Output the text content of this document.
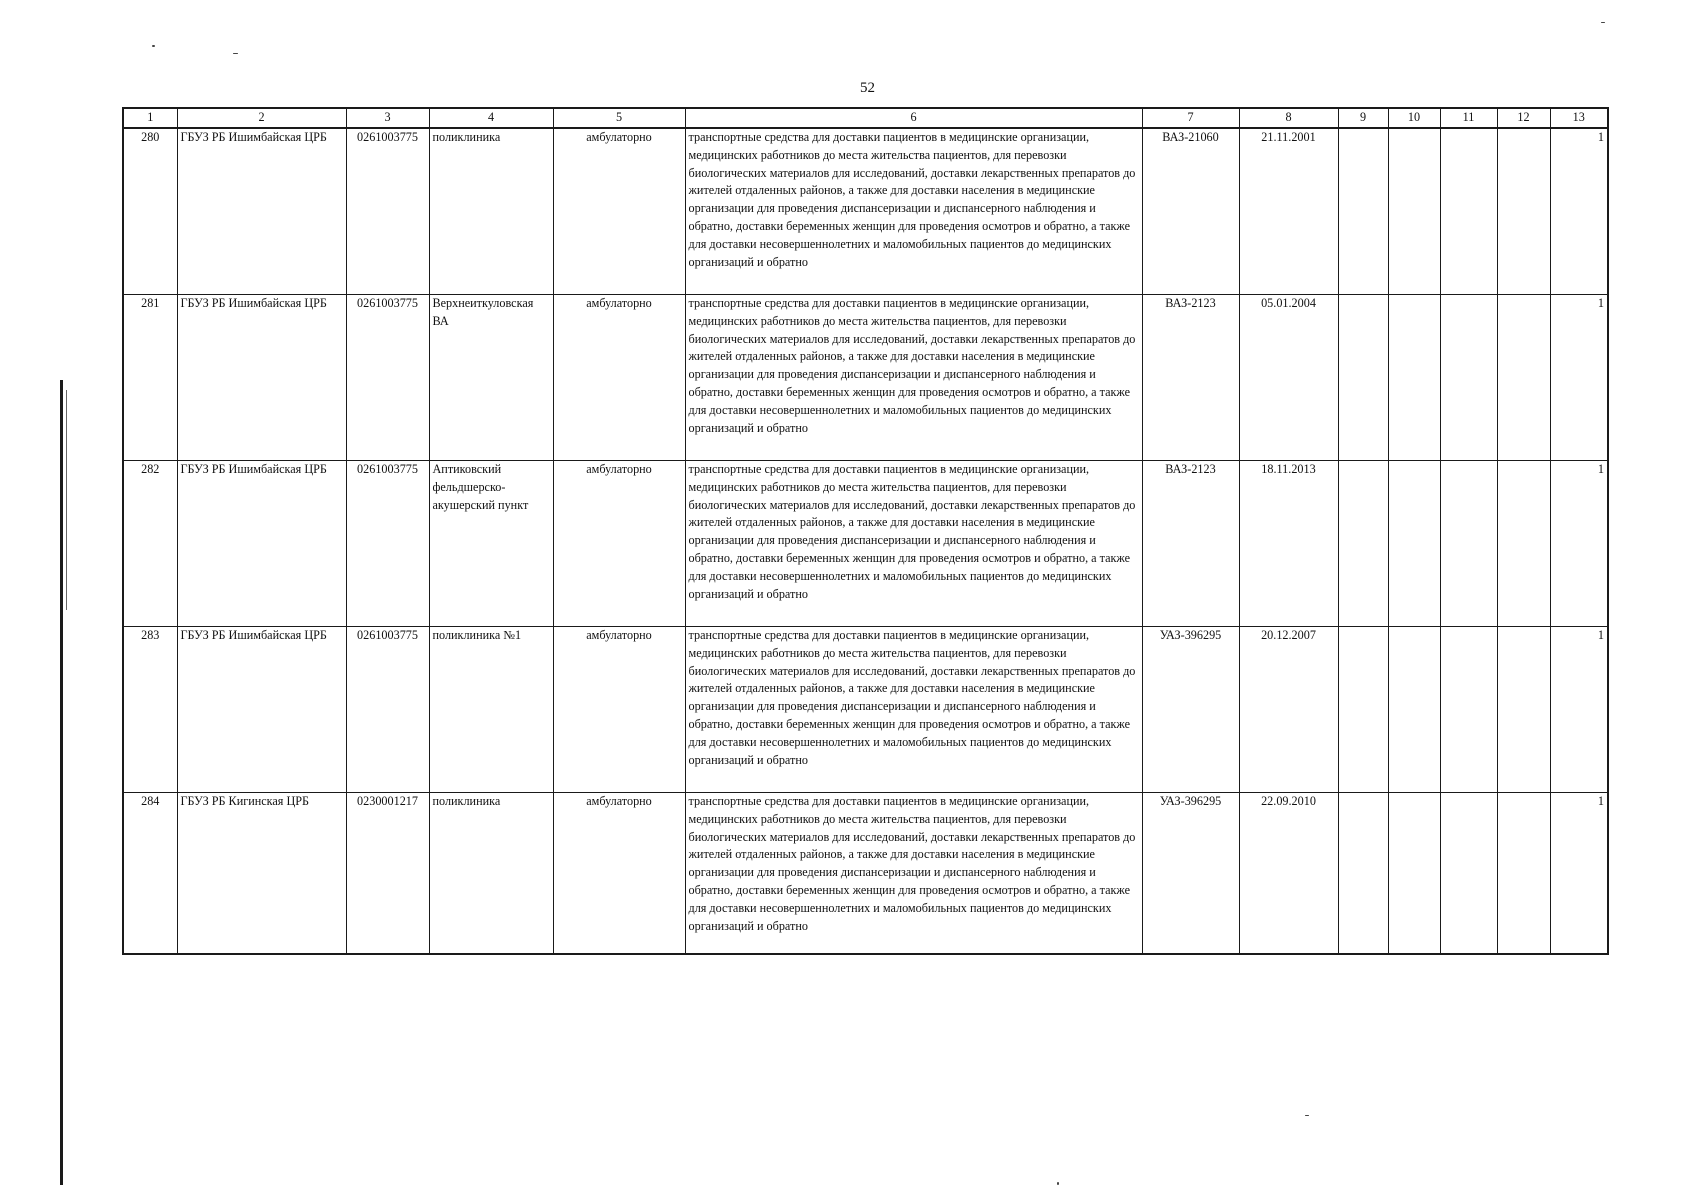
52
1	2	3	4	5	6	7	8	9	10	11	12	13
280	ГБУЗ РБ Ишимбайская ЦРБ	0261003775	поликлиника	амбулаторно	транспортные средства для доставки пациентов в медицинские организации, медицинских работников до места жительства пациентов, для перевозки биологических материалов для исследований, доставки лекарственных препаратов до жителей отдаленных районов, а также для доставки населения в медицинские организации для проведения диспансеризации и диспансерного наблюдения и обратно, доставки беременных женщин для проведения осмотров и обратно, а также для доставки несовершеннолетних и маломобильных пациентов до медицинских организаций и обратно	ВАЗ-21060	21.11.2001					1
281	ГБУЗ РБ Ишимбайская ЦРБ	0261003775	Верхнеиткуловская ВА	амбулаторно	транспортные средства для доставки пациентов в медицинские организации, медицинских работников до места жительства пациентов, для перевозки биологических материалов для исследований, доставки лекарственных препаратов до жителей отдаленных районов, а также для доставки населения в медицинские организации для проведения диспансеризации и диспансерного наблюдения и обратно, доставки беременных женщин для проведения осмотров и обратно, а также для доставки несовершеннолетних и маломобильных пациентов до медицинских организаций и обратно	ВАЗ-2123	05.01.2004					1
282	ГБУЗ РБ Ишимбайская ЦРБ	0261003775	Аптиковский фельдшерско-акушерский пункт	амбулаторно	транспортные средства для доставки пациентов в медицинские организации, медицинских работников до места жительства пациентов, для перевозки биологических материалов для исследований, доставки лекарственных препаратов до жителей отдаленных районов, а также для доставки населения в медицинские организации для проведения диспансеризации и диспансерного наблюдения и обратно, доставки беременных женщин для проведения осмотров и обратно, а также для доставки несовершеннолетних и маломобильных пациентов до медицинских организаций и обратно	ВАЗ-2123	18.11.2013					1
283	ГБУЗ РБ Ишимбайская ЦРБ	0261003775	поликлиника №1	амбулаторно	транспортные средства для доставки пациентов в медицинские организации, медицинских работников до места жительства пациентов, для перевозки биологических материалов для исследований, доставки лекарственных препаратов до жителей отдаленных районов, а также для доставки населения в медицинские организации для проведения диспансеризации и диспансерного наблюдения и обратно, доставки беременных женщин для проведения осмотров и обратно, а также для доставки несовершеннолетних и маломобильных пациентов до медицинских организаций и обратно	УАЗ-396295	20.12.2007					1
284	ГБУЗ РБ Кигинская ЦРБ	0230001217	поликлиника	амбулаторно	транспортные средства для доставки пациентов в медицинские организации, медицинских работников до места жительства пациентов, для перевозки биологических материалов для исследований, доставки лекарственных препаратов до жителей отдаленных районов, а также для доставки населения в медицинские организации для проведения диспансеризации и диспансерного наблюдения и обратно, доставки беременных женщин для проведения осмотров и обратно, а также для доставки несовершеннолетних и маломобильных пациентов до медицинских организаций и обратно	УАЗ-396295	22.09.2010					1
